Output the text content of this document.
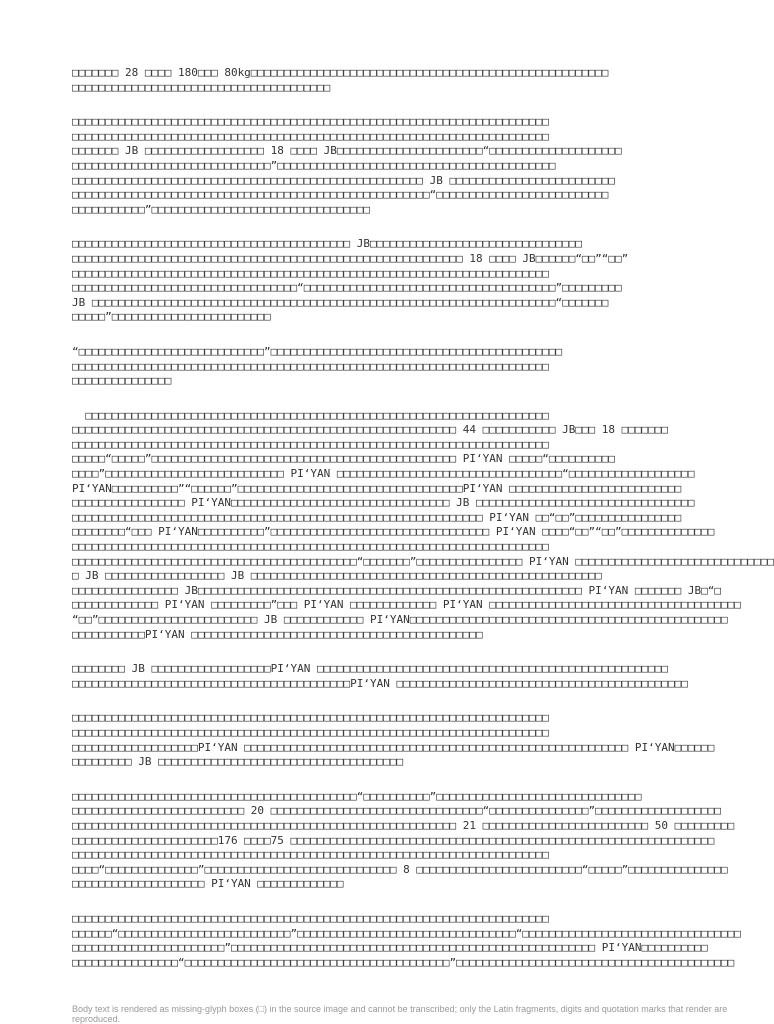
□□□□□□□ 28 □□□□ 180□□□ 80kg□□□□□□□□□□□□□□□□□□□□□□□□□□□□□□□□□□□□□□□□□□□□□□□□□□□□□□
□□□□□□□□□□□□□□□□□□□□□□□□□□□□□□□□□□□□□□□
□□□□□□□□□□□□□□□□□□□□□□□□□□□□□□□□□□□□□□□□□□□□□□□□□□□□□□□□□□□□□□□□□□□□□□□□
□□□□□□□□□□□□□□□□□□□□□□□□□□□□□□□□□□□□□□□□□□□□□□□□□□□□□□□□□□□□□□□□□□□□□□□□
□□□□□□□ JB □□□□□□□□□□□□□□□□□□ 18 □□□□ JB□□□□□□□□□□□□□□□□□□□□□□“□□□□□□□□□□□□□□□□□□□□
□□□□□□□□□□□□□□□□□□□□□□□□□□□□□□”□□□□□□□□□□□□□□□□□□□□□□□□□□□□□□□□□□□□□□□□□□
□□□□□□□□□□□□□□□□□□□□□□□□□□□□□□□□□□□□□□□□□□□□□□□□□□□□□ JB □□□□□□□□□□□□□□□□□□□□□□□□□
□□□□□□□□□□□□□□□□□□□□□□□□□□□□□□□□□□□□□□□□□□□□□□□□□□□□□□“□□□□□□□□□□□□□□□□□□□□□□□□□□
□□□□□□□□□□□”□□□□□□□□□□□□□□□□□□□□□□□□□□□□□□□□□
□□□□□□□□□□□□□□□□□□□□□□□□□□□□□□□□□□□□□□□□□□ JB□□□□□□□□□□□□□□□□□□□□□□□□□□□□□□□□
□□□□□□□□□□□□□□□□□□□□□□□□□□□□□□□□□□□□□□□□□□□□□□□□□□□□□□□□□□□ 18 □□□□ JB□□□□□□“□□”“□□”
□□□□□□□□□□□□□□□□□□□□□□□□□□□□□□□□□□□□□□□□□□□□□□□□□□□□□□□□□□□□□□□□□□□□□□□□
□□□□□□□□□□□□□□□□□□□□□□□□□□□□□□□□□□“□□□□□□□□□□□□□□□□□□□□□□□□□□□□□□□□□□□□□□”□□□□□□□□□
JB □□□□□□□□□□□□□□□□□□□□□□□□□□□□□□□□□□□□□□□□□□□□□□□□□□□□□□□□□□□□□□□□□□□□□□“□□□□□□□
□□□□□”□□□□□□□□□□□□□□□□□□□□□□□□
“□□□□□□□□□□□□□□□□□□□□□□□□□□□□”□□□□□□□□□□□□□□□□□□□□□□□□□□□□□□□□□□□□□□□□□□□□
□□□□□□□□□□□□□□□□□□□□□□□□□□□□□□□□□□□□□□□□□□□□□□□□□□□□□□□□□□□□□□□□□□□□□□□□
□□□□□□□□□□□□□□□
□□□□□□□□□□□□□□□□□□□□□□□□□□□□□□□□□□□□□□□□□□□□□□□□□□□□□□□□□□□□□□□□□□□□□□
□□□□□□□□□□□□□□□□□□□□□□□□□□□□□□□□□□□□□□□□□□□□□□□□□□□□□□□□□□ 44 □□□□□□□□□□□ JB□□□ 18 □□□□□□□
□□□□□□□□□□□□□□□□□□□□□□□□□□□□□□□□□□□□□□□□□□□□□□□□□□□□□□□□□□□□□□□□□□□□□□□□
□□□□□“□□□□□”□□□□□□□□□□□□□□□□□□□□□□□□□□□□□□□□□□□□□□□□□□□□□□ PI‘YAN □□□□□“□□□□□□□□□□
□□□□”□□□□□□□□□□□□□□□□□□□□□□□□□□□ PI‘YAN □□□□□□□□□□□□□□□□□□□□□□□□□□□□□□□□□□“□□□□□□□□□□□□□□□□□□□
PI‘YAN□□□□□□□□□□”“□□□□□□”□□□□□□□□□□□□□□□□□□□□□□□□□□□□□□□□□□PI‘YAN □□□□□□□□□□□□□□□□□□□□□□□□□□
□□□□□□□□□□□□□□□□□ PI‘YAN□□□□□□□□□□□□□□□□□□□□□□□□□□□□□□□□□ JB □□□□□□□□□□□□□□□□□□□□□□□□□□□□□□□□□
□□□□□□□□□□□□□□□□□□□□□□□□□□□□□□□□□□□□□□□□□□□□□□□□□□□□□□□□□□□□□□ PI‘YAN □□“□□”□□□□□□□□□□□□□□□□
□□□□□□□□“□□□ PI‘YAN□□□□□□□□□□”□□□□□□□□□□□□□□□□□□□□□□□□□□□□□□□□□ PI‘YAN □□□□“□□”“□□”□□□□□□□□□□□□□□
□□□□□□□□□□□□□□□□□□□□□□□□□□□□□□□□□□□□□□□□□□□□□□□□□□□□□□□□□□□□□□□□□□□□□□□□
□□□□□□□□□□□□□□□□□□□□□□□□□□□□□□□□□□□□□□□□□□□“□□□□□□□”□□□□□□□□□□□□□□□□ PI‘YAN □□□□□□□□□□□□□□□□□□□□□□□□□□□□□□
□ JB □□□□□□□□□□□□□□□□□□ JB □□□□□□□□□□□□□□□□□□□□□□□□□□□□□□□□□□□□□□□□□□□□□□□□□□□□□
□□□□□□□□□□□□□□□□ JB□□□□□□□□□□□□□□□□□□□□□□□□□□□□□□□□□□□□□□□□□□□□□□□□□□□□□□□□□□ PI‘YAN □□□□□□□ JB□“□
□□□□□□□□□□□□□ PI‘YAN □□□□□□□□□”□□□ PI‘YAN □□□□□□□□□□□□□ PI‘YAN □□□□□□□□□□□□□□□□□□□□□□□□□□□□□□□□□□□□□□
“□□”□□□□□□□□□□□□□□□□□□□□□□□□ JB □□□□□□□□□□□□ PI‘YAN□□□□□□□□□□□□□□□□□□□□□□□□□□□□□□□□□□□□□□□□□□□□□□□□
□□□□□□□□□□□PI‘YAN □□□□□□□□□□□□□□□□□□□□□□□□□□□□□□□□□□□□□□□□□□□□
□□□□□□□□ JB □□□□□□□□□□□□□□□□□□PI‘YAN □□□□□□□□□□□□□□□□□□□□□□□□□□□□□□□□□□□□□□□□□□□□□□□□□□□□□
□□□□□□□□□□□□□□□□□□□□□□□□□□□□□□□□□□□□□□□□□□PI‘YAN □□□□□□□□□□□□□□□□□□□□□□□□□□□□□□□□□□□□□□□□□□□□
□□□□□□□□□□□□□□□□□□□□□□□□□□□□□□□□□□□□□□□□□□□□□□□□□□□□□□□□□□□□□□□□□□□□□□□□
□□□□□□□□□□□□□□□□□□□□□□□□□□□□□□□□□□□□□□□□□□□□□□□□□□□□□□□□□□□□□□□□□□□□□□□□
□□□□□□□□□□□□□□□□□□□PI‘YAN □□□□□□□□□□□□□□□□□□□□□□□□□□□□□□□□□□□□□□□□□□□□□□□□□□□□□□□□□□ PI‘YAN□□□□□□
□□□□□□□□□ JB □□□□□□□□□□□□□□□□□□□□□□□□□□□□□□□□□□□□□
□□□□□□□□□□□□□□□□□□□□□□□□□□□□□□□□□□□□□□□□□□□“□□□□□□□□□□”□□□□□□□□□□□□□□□□□□□□□□□□□□□□□□□
□□□□□□□□□□□□□□□□□□□□□□□□□□ 20 □□□□□□□□□□□□□□□□□□□□□□□□□□□□□□□□“□□□□□□□□□□□□□□□”□□□□□□□□□□□□□□□□□□□
□□□□□□□□□□□□□□□□□□□□□□□□□□□□□□□□□□□□□□□□□□□□□□□□□□□□□□□□□□ 21 □□□□□□□□□□□□□□□□□□□□□□□□□ 50 □□□□□□□□□
□□□□□□□□□□□□□□□□□□□□□□176 □□□□75 □□□□□□□□□□□□□□□□□□□□□□□□□□□□□□□□□□□□□□□□□□□□□□□□□□□□□□□□□□□□□□□□
□□□□□□□□□□□□□□□□□□□□□□□□□□□□□□□□□□□□□□□□□□□□□□□□□□□□□□□□□□□□□□□□□□□□□□□□
□□□□“□□□□□□□□□□□□□□”□□□□□□□□□□□□□□□□□□□□□□□□□□□□□ 8 □□□□□□□□□□□□□□□□□□□□□□□□□“□□□□□”□□□□□□□□□□□□□□□
□□□□□□□□□□□□□□□□□□□□ PI‘YAN □□□□□□□□□□□□□
□□□□□□□□□□□□□□□□□□□□□□□□□□□□□□□□□□□□□□□□□□□□□□□□□□□□□□□□□□□□□□□□□□□□□□□□
□□□□□□“□□□□□□□□□□□□□□□□□□□□□□□□□□”□□□□□□□□□□□□□□□□□□□□□□□□□□□□□□□□□“□□□□□□□□□□□□□□□□□□□□□□□□□□□□□□□□□
□□□□□□□□□□□□□□□□□□□□□□□”□□□□□□□□□□□□□□□□□□□□□□□□□□□□□□□□□□□□□□□□□□□□□□□□□□□□□□□ PI‘YAN□□□□□□□□□□
□□□□□□□□□□□□□□□□“□□□□□□□□□□□□□□□□□□□□□□□□□□□□□□□□□□□□□□□□”□□□□□□□□□□□□□□□□□□□□□□□□□□□□□□□□□□□□□□□□□□
Body text is rendered as missing-glyph boxes (□) in the source image and cannot be transcribed; only the Latin fragments, digits and quotation marks that render are reproduced.
